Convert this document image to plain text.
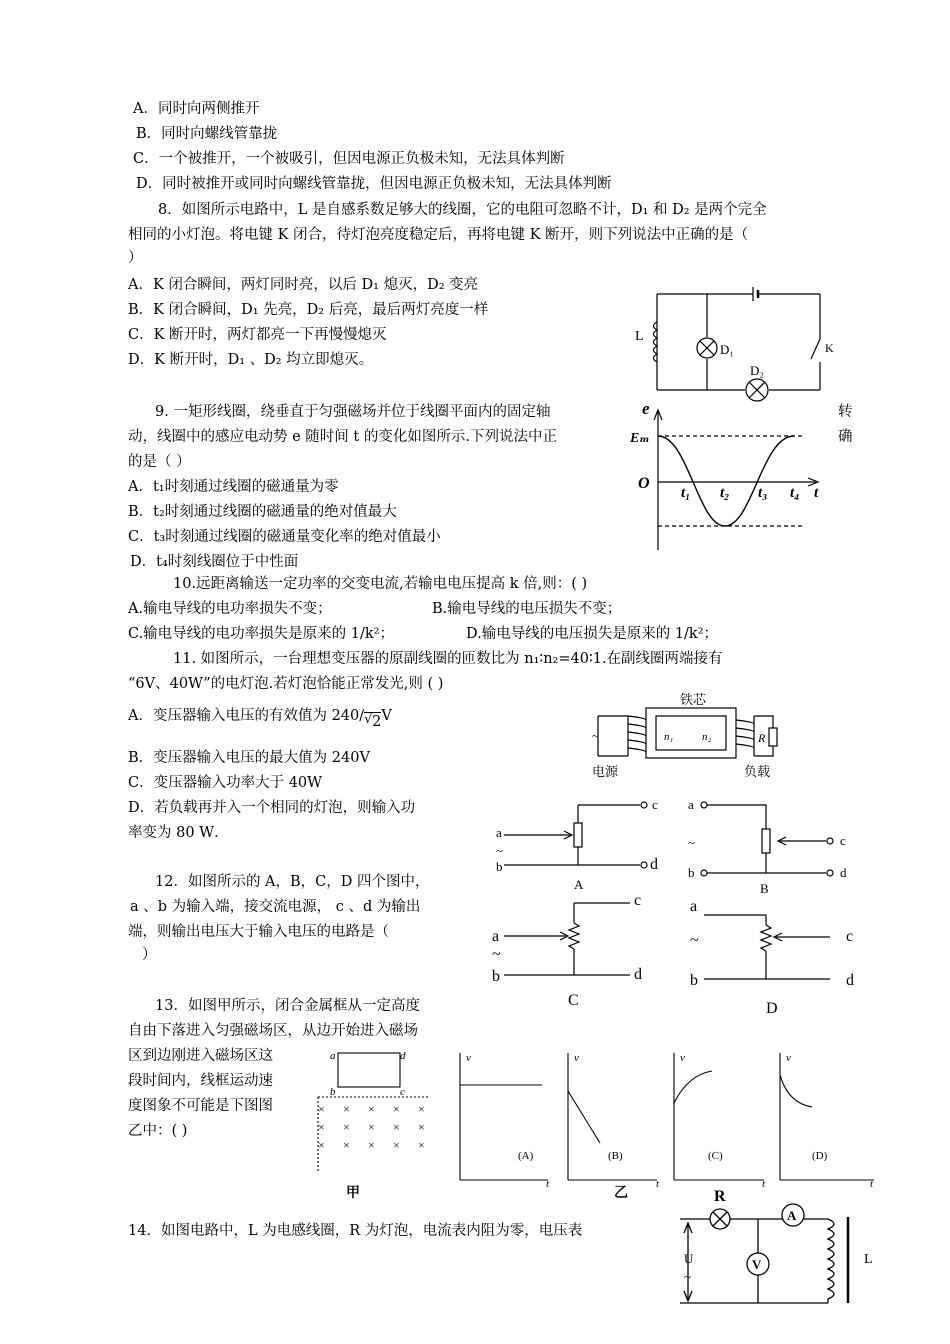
A．同时向两侧推开
B．同时向螺线管靠拢
C．一个被推开，一个被吸引，但因电源正负极未知，无法具体判断
D．同时被推开或同时向螺线管靠拢，但因电源正负极未知，无法具体判断
8．如图所示电路中，L 是自感系数足够大的线圈，它的电阻可忽略不计，D₁ 和 D₂ 是两个完全
相同的小灯泡。将电键 K 闭合，待灯泡亮度稳定后，再将电键 K 断开，则下列说法中正确的是（
）
A．K 闭合瞬间，两灯同时亮，以后 D₁ 熄灭，D₂ 变亮
B．K 闭合瞬间，D₁ 先亮，D₂ 后亮，最后两灯亮度一样
C．K 断开时，两灯都亮一下再慢慢熄灭
D．K 断开时，D₁ 、D₂ 均立即熄灭。
L
D₁
D₂
K
9. 一矩形线圈，绕垂直于匀强磁场并位于线圈平面内的固定轴	转
动，线圈中的感应电动势 e 随时间 t 的变化如图所示.下列说法中正	确
的是（ ）
A．t₁时刻通过线圈的磁通量为零
B．t₂时刻通过线圈的磁通量的绝对值最大
C．t₃时刻通过线圈的磁通量变化率的绝对值最小
D．t₄时刻线圈位于中性面
e
Eₘ
O
t₁ t₂ t₃ t₄ t
10.远距离输送一定功率的交变电流,若输电电压提高 k 倍,则：( )
A.输电导线的电功率损失不变；	B.输电导线的电压损失不变；
C.输电导线的电功率损失是原来的 1/k²；	D.输电导线的电压损失是原来的 1/k²；
11. 如图所示，一台理想变压器的原副线圈的匝数比为 n₁∶n₂=40∶1.在副线圈两端接有
“6V、40W”的电灯泡.若灯泡恰能正常发光,则 ( )
A．变压器输入电压的有效值为 240/ √ 2V
B．变压器输入电压的最大值为 240V
C．变压器输入功率大于 40W
D．若负载再并入一个相同的灯泡，则输入功
率变为 80 W．
铁芯
~	n₁	n₂	R
电源	负载
12．如图所示的 A，B，C，D 四个图中，
a 、b 为输入端，接交流电源， c 、d 为输出
端，则输出电压大于输入电压的电路是（
）
a
~
b
c
d
A
a
~
b
c
d
B
a
~
b
c
d
C
a
~
b
c
d
D
13．如图甲所示，闭合金属框从一定高度
自由下落进入匀强磁场区，从边开始进入磁场
区到边刚进入磁场区这
段时间内，线框运动速
度图象不可能是下图图
乙中：( )
a	d
b	c
v
t
v
t
v
t
v
t
× × × × ×
× × × × ×
× × × × ×
(A)	(B)	(C)	(D)
甲	乙
14．如图电路中，L 为电感线圈，R 为灯泡，电流表内阻为零，电压表
R
A
V
U
~
L
